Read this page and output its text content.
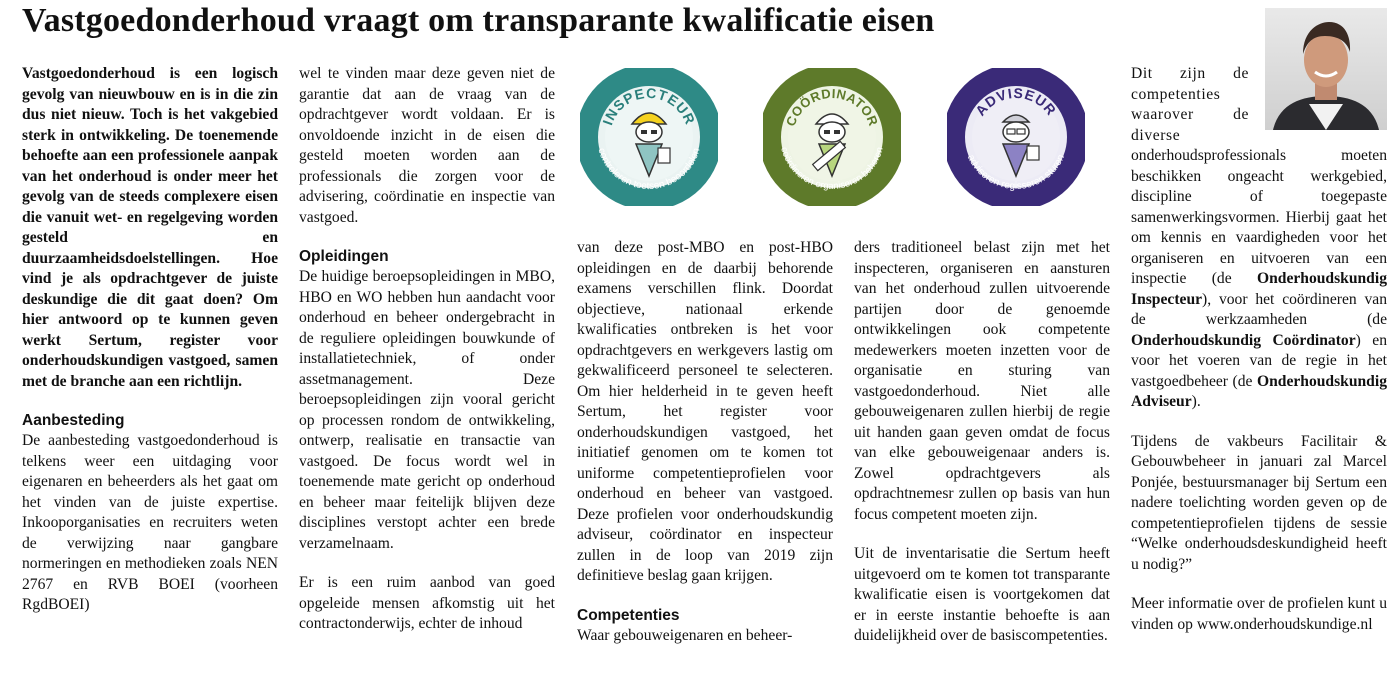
Vastgoedonderhoud vraagt om transparante kwalificatie eisen

Vastgoedonderhoud is een logisch gevolg van nieuwbouw en is in die zin dus niet nieuw. Toch is het vakgebied sterk in ontwikkeling. De toenemende behoefte aan een professionele aanpak van het onderhoud is onder meer het gevolg van de steeds complexere eisen die vanuit wet- en regelgeving worden gesteld en duurzaamheidsdoelstellingen. Hoe vind je als opdrachtgever de juiste deskundige die dit gaat doen? Om hier antwoord op te kunnen geven werkt Sertum, register voor onderhoudskundigen vastgoed, samen met de branche aan een richtlijn.

Aanbesteding

De aanbesteding vastgoedonderhoud is telkens weer een uitdaging voor eigenaren en beheerders als het gaat om het vinden van de juiste expertise. Inkooporganisaties en recruiters weten de verwijzing naar gangbare normeringen en methodieken zoals NEN 2767 en RVB BOEI (voorheen RgdBOEI)

wel te vinden maar deze geven niet de garantie dat aan de vraag van de opdrachtgever wordt voldaan. Er is onvoldoende inzicht in de eisen die gesteld moeten worden aan de professionals die zorgen voor de advisering, coördinatie en inspectie van vastgoed.

Opleidingen

De huidige beroepsopleidingen in MBO, HBO en WO hebben hun aandacht voor onderhoud en beheer ondergebracht in de reguliere opleidingen bouwkunde of installatietechniek, of onder assetmanagement. Deze beroepsopleidingen zijn vooral gericht op processen rondom de ontwikkeling, ontwerp, realisatie en transactie van vastgoed. De focus wordt wel in toenemende mate gericht op onderhoud en beheer maar feitelijk blijven deze disciplines verstopt achter een brede verzamelnaam.

Er is een ruim aanbod van goed opgeleide mensen afkomstig uit het contractonderwijs, echter de inhoud

INSPECTEUR
controleren toetsen beoordelen
COÖRDINATOR
coördineren organiseren beheren
ADVISEUR
adviseren regisseren sturen

van deze post-MBO en post-HBO opleidingen en de daarbij behorende examens verschillen flink. Doordat objectieve, nationaal erkende kwalificaties ontbreken is het voor opdrachtgevers en werkgevers lastig om gekwalificeerd personeel te selecteren. Om hier helderheid in te geven heeft Sertum, het register voor onderhoudskundigen vastgoed, het initiatief genomen om te komen tot uniforme competentieprofielen voor onderhoud en beheer van vastgoed. Deze profielen voor onderhoudskundig adviseur, coördinator en inspecteur zullen in de loop van 2019 zijn definitieve beslag gaan krijgen.

Competenties

Waar gebouweigenaren en beheer-

ders traditioneel belast zijn met het inspecteren, organiseren en aansturen van het onderhoud zullen uitvoerende partijen door de genoemde ontwikkelingen ook competente medewerkers moeten inzetten voor de organisatie en sturing van vastgoedonderhoud. Niet alle gebouweigenaren zullen hierbij de regie uit handen gaan geven omdat de focus van elke gebouweigenaar anders is. Zowel opdrachtgevers als opdrachtnemesr zullen op basis van hun focus competent moeten zijn.

Uit de inventarisatie die Sertum heeft uitgevoerd om te komen tot transparante kwalificatie eisen is voortgekomen dat er in eerste instantie behoefte is aan duidelijkheid over de basiscompetenties.

Dit zijn de competenties waarover de diverse

onderhoudsprofessionals moeten beschikken ongeacht werkgebied, discipline of toegepaste samenwerkingsvormen. Hierbij gaat het om kennis en vaardigheden voor het organiseren en uitvoeren van een inspectie (de Onderhoudskundig Inspecteur), voor het coördineren van de werkzaamheden (de Onderhoudskundig Coördinator) en voor het voeren van de regie in het vastgoedbeheer (de Onderhoudskundig Adviseur).

Tijdens de vakbeurs Facilitair & Gebouwbeheer in januari zal Marcel Ponjée, bestuursmanager bij Sertum een nadere toelichting worden geven op de competentieprofielen tijdens de sessie “Welke onderhoudsdeskundigheid heeft u nodig?”

Meer informatie over de profielen kunt u vinden op www.onderhoudskundige.nl
